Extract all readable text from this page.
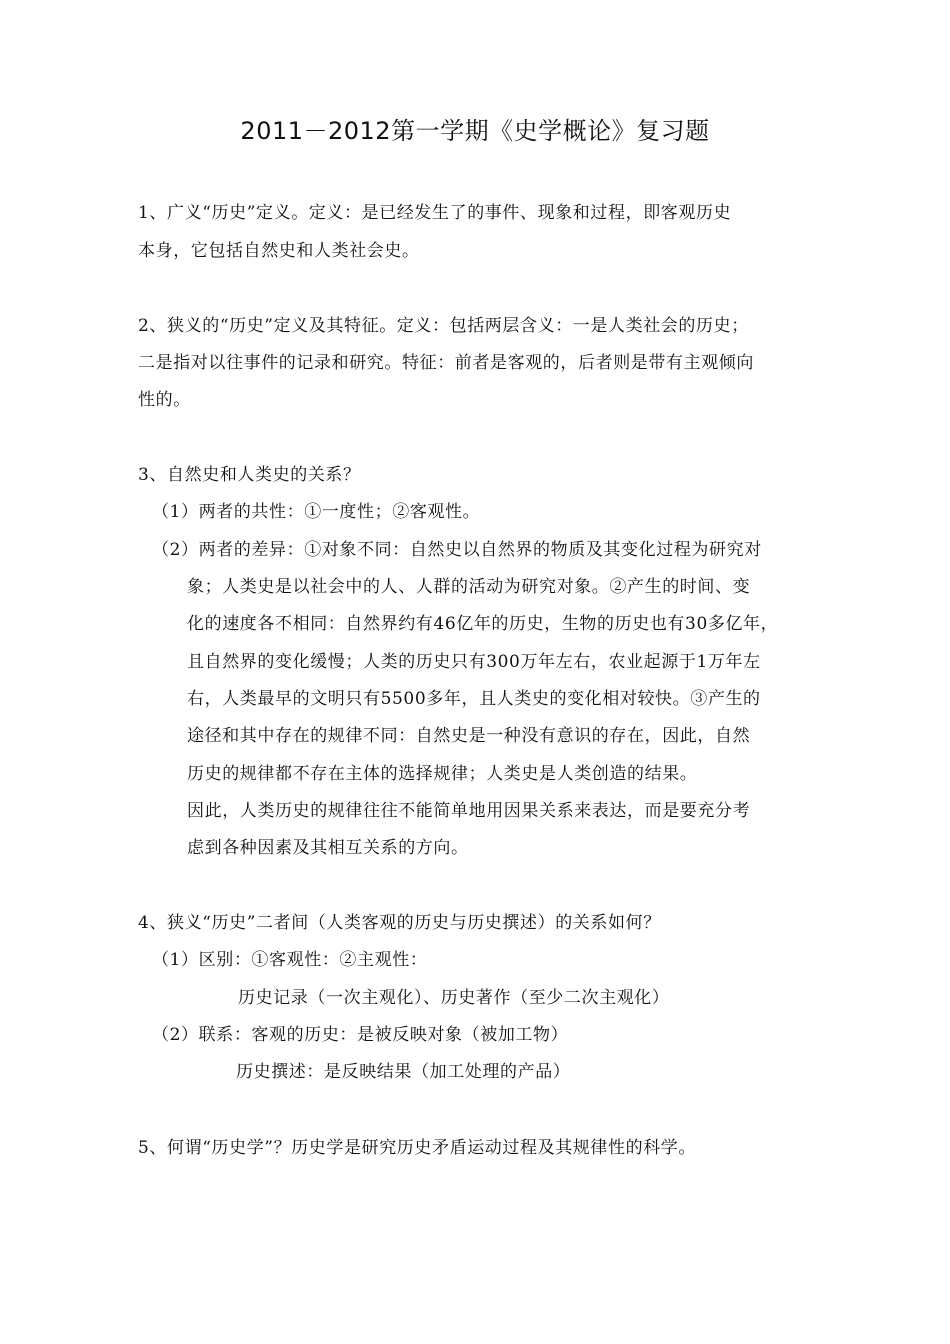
2011－2012第一学期《史学概论》复习题
1、广义“历史”定义。定义：是已经发生了的事件、现象和过程，即客观历史
本身，它包括自然史和人类社会史。
2、狭义的“历史”定义及其特征。定义：包括两层含义：一是人类社会的历史；
二是指对以往事件的记录和研究。特征：前者是客观的，后者则是带有主观倾向
性的。
3、自然史和人类史的关系？
（1）两者的共性：①一度性；②客观性。
（2）两者的差异：①对象不同：自然史以自然界的物质及其变化过程为研究对
象；人类史是以社会中的人、人群的活动为研究对象。②产生的时间、变
化的速度各不相同：自然界约有46亿年的历史，生物的历史也有30多亿年，
且自然界的变化缓慢；人类的历史只有300万年左右，农业起源于1万年左
右，人类最早的文明只有5500多年，且人类史的变化相对较快。③产生的
途径和其中存在的规律不同：自然史是一种没有意识的存在，因此，自然
历史的规律都不存在主体的选择规律；人类史是人类创造的结果。
因此，人类历史的规律往往不能简单地用因果关系来表达，而是要充分考
虑到各种因素及其相互关系的方向。
4、狭义“历史”二者间（人类客观的历史与历史撰述）的关系如何？
（1）区别：①客观性：②主观性：
历史记录（一次主观化）、历史著作（至少二次主观化）
（2）联系：客观的历史：是被反映对象（被加工物）
历史撰述：是反映结果（加工处理的产品）
5、何谓“历史学”？历史学是研究历史矛盾运动过程及其规律性的科学。
